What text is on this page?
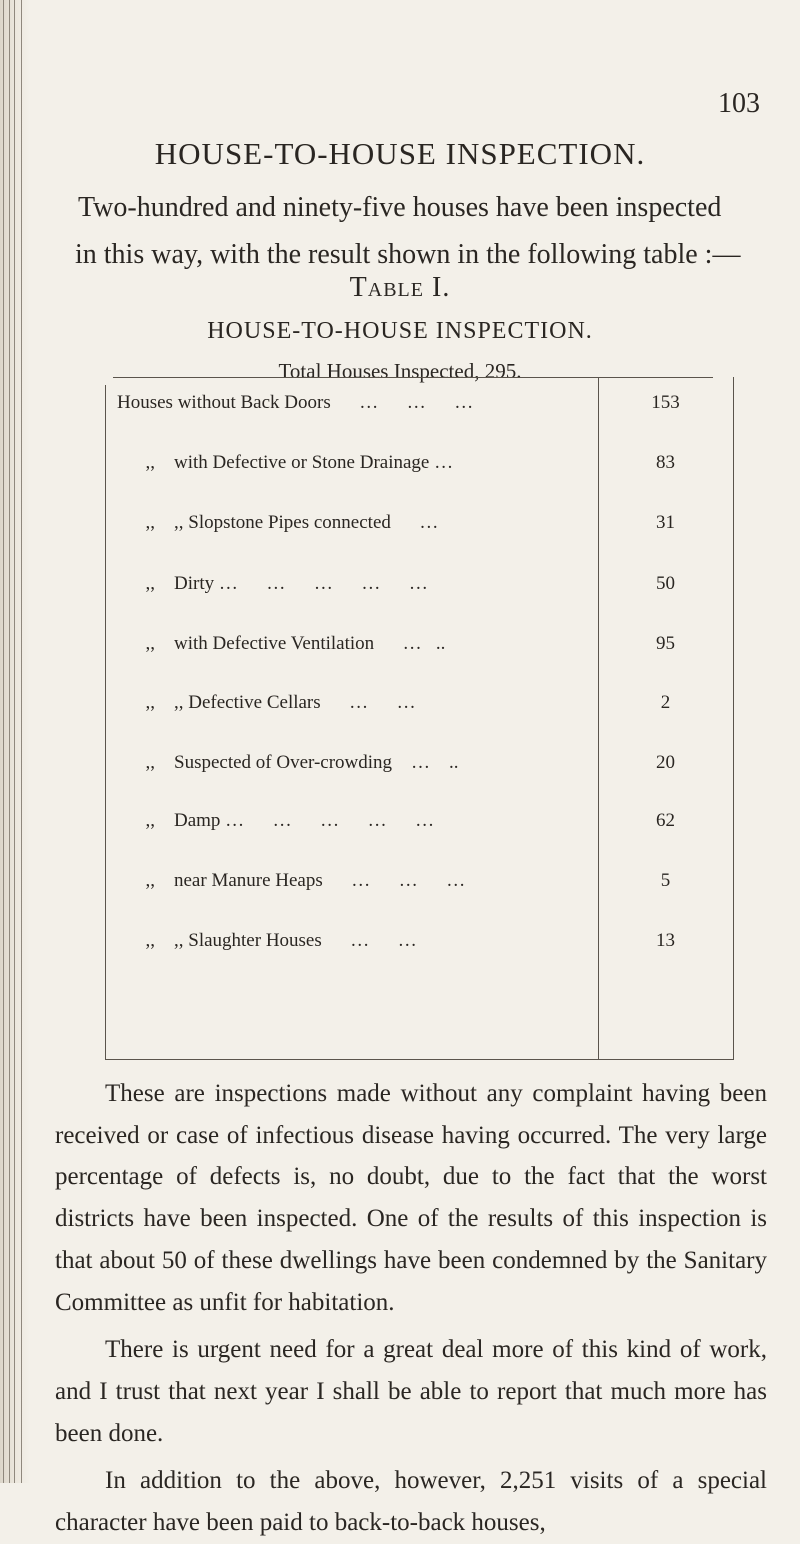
103
HOUSE-TO-HOUSE INSPECTION.
Two-hundred and ninety-five houses have been inspected
in this way, with the result shown in the following table :—
Table I.
HOUSE-TO-HOUSE INSPECTION.
Total Houses Inspected, 295.
Houses without Back Doors      …      …      …	153
,,    with Defective or Stone Drainage …	83
,,    ,, Slopstone Pipes connected      …	31
,,    Dirty …      …      …      …      …	50
,,    with Defective Ventilation      …   ..	95
,,    ,, Defective Cellars      …      …	2
,,    Suspected of Over-crowding    …    ..	20
,,    Damp …      …      …      …      …	62
,,    near Manure Heaps      …      …      …	5
,,    ,, Slaughter Houses      …      …	13

These are inspections made without any complaint having been received or case of infectious disease having occurred. The very large percentage of defects is, no doubt, due to the fact that the worst districts have been inspected. One of the results of this inspection is that about 50 of these dwellings have been condemned by the Sanitary Committee as unfit for habitation.

There is urgent need for a great deal more of this kind of work, and I trust that next year I shall be able to report that much more has been done.

In addition to the above, however, 2,251 visits of a special character have been paid to back-to-back houses,
